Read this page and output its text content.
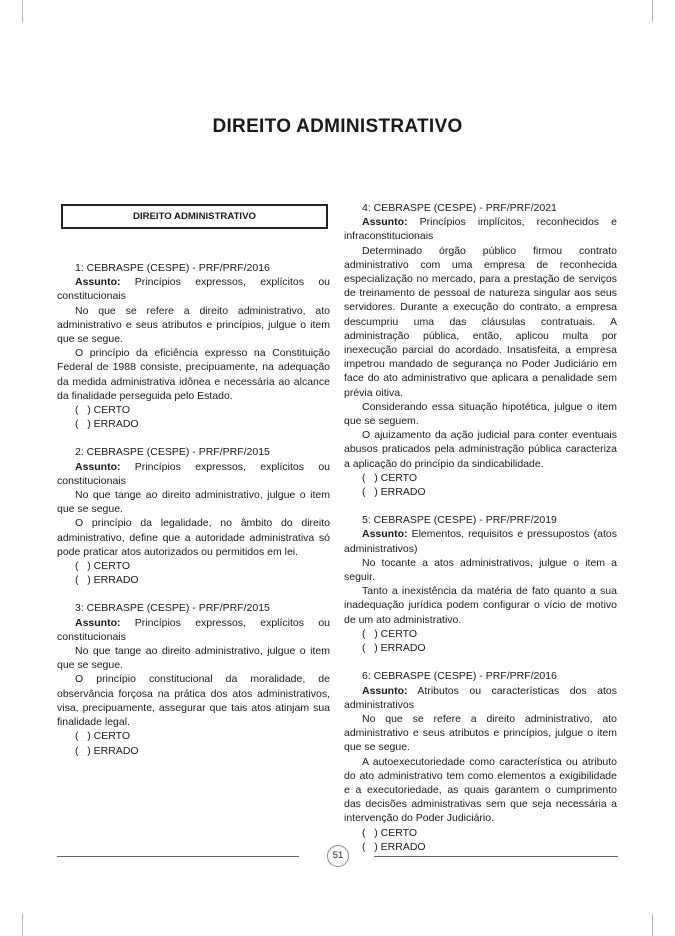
DIREITO ADMINISTRATIVO
DIREITO ADMINISTRATIVO

1: CEBRASPE (CESPE) - PRF/PRF/2016

Assunto: Princípios expressos, explícitos ou constitucionais

No que se refere a direito administrativo, ato administrativo e seus atributos e princípios, julgue o item que se segue.

O princípio da eficiência expresso na Constituição Federal de 1988 consiste, precipuamente, na adequação da medida administrativa idônea e necessária ao alcance da finalidade perseguida pelo Estado.

(   ) CERTO
(   ) ERRADO

2: CEBRASPE (CESPE) - PRF/PRF/2015

Assunto: Princípios expressos, explícitos ou constitucionais

No que tange ao direito administrativo, julgue o item que se segue.

O princípio da legalidade, no âmbito do direito administrativo, define que a autoridade administrativa só pode praticar atos autorizados ou permitidos em lei.

(   ) CERTO
(   ) ERRADO

3: CEBRASPE (CESPE) - PRF/PRF/2015

Assunto: Princípios expressos, explícitos ou constitucionais

No que tange ao direito administrativo, julgue o item que se segue.

O princípio constitucional da moralidade, de observância forçosa na prática dos atos administrativos, visa, precipuamente, assegurar que tais atos atinjam sua finalidade legal.

(   ) CERTO
(   ) ERRADO

4: CEBRASPE (CESPE) - PRF/PRF/2021

Assunto: Princípios implícitos, reconhecidos e infraconstitucionais

Determinado órgão público firmou contrato administrativo com uma empresa de reconhecida especialização no mercado, para a prestação de serviços de treinamento de pessoal de natureza singular aos seus servidores. Durante a execução do contrato, a empresa descumpriu uma das cláusulas contratuais. A administração pública, então, aplicou multa por inexecução parcial do acordado. Insatisfeita, a empresa impetrou mandado de segurança no Poder Judiciário em face do ato administrativo que aplicara a penalidade sem prévia oitiva.

Considerando essa situação hipotética, julgue o item que se seguem.

O ajuizamento da ação judicial para conter eventuais abusos praticados pela administração pública caracteriza a aplicação do princípio da sindicabilidade.

(   ) CERTO
(   ) ERRADO

5: CEBRASPE (CESPE) - PRF/PRF/2019

Assunto: Elementos, requisitos e pressupostos (atos administrativos)

No tocante a atos administrativos, julgue o item a seguir.

Tanto a inexistência da matéria de fato quanto a sua inadequação jurídica podem configurar o vício de motivo de um ato administrativo.

(   ) CERTO
(   ) ERRADO

6: CEBRASPE (CESPE) - PRF/PRF/2016

Assunto: Atributos ou características dos atos administrativos

No que se refere a direito administrativo, ato administrativo e seus atributos e princípios, julgue o item que se segue.

A autoexecutoriedade como característica ou atributo do ato administrativo tem como elementos a exigibilidade e a executoriedade, as quais garantem o cumprimento das decisões administrativas sem que seja necessária a intervenção do Poder Judiciário.

(   ) CERTO
(   ) ERRADO
51
